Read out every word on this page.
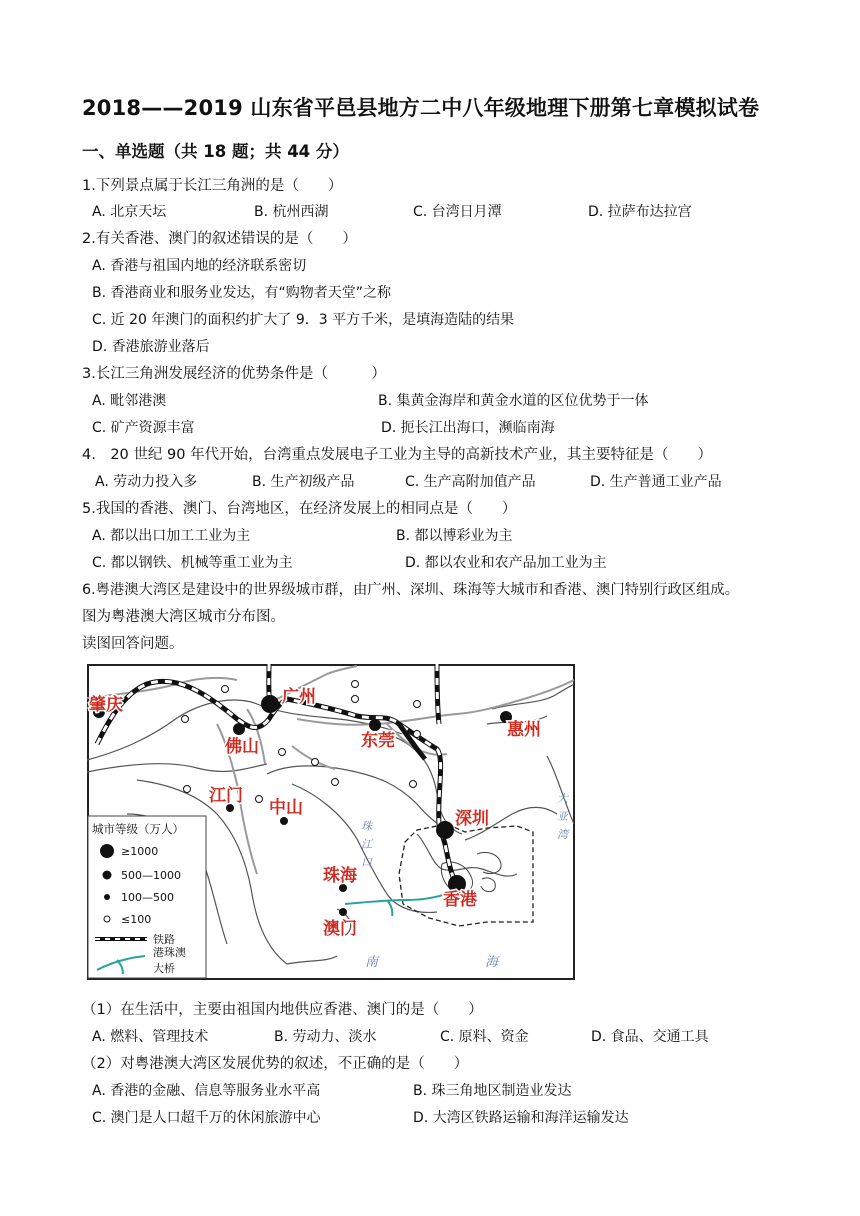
2018——2019 山东省平邑县地方二中八年级地理下册第七章模拟试卷
一、单选题（共 18 题；共 44 分）
1.下列景点属于长江三角洲的是（　　）
A. 北京天坛	B. 杭州西湖	C. 台湾日月潭	D. 拉萨布达拉宫
2.有关香港、澳门的叙述错误的是（　　）
A. 香港与祖国内地的经济联系密切
B. 香港商业和服务业发达，有“购物者天堂”之称
C. 近 20 年澳门的面积约扩大了 9．3 平方千米，是填海造陆的结果
D. 香港旅游业落后
3.长江三角洲发展经济的优势条件是（　　　）
A. 毗邻港澳	B. 集黄金海岸和黄金水道的区位优势于一体
C. 矿产资源丰富	D. 扼长江出海口，濒临南海
4.　20 世纪 90 年代开始，台湾重点发展电子工业为主导的高新技术产业，其主要特征是（　　）
A. 劳动力投入多	B. 生产初级产品	C. 生产高附加值产品	D. 生产普通工业产品
5.我国的香港、澳门、台湾地区，在经济发展上的相同点是（　　）
A. 都以出口加工工业为主	B. 都以博彩业为主
C. 都以钢铁、机械等重工业为主	D. 都以农业和农产品加工业为主
6.粤港澳大湾区是建设中的世界级城市群，由广州、深圳、珠海等大城市和香港、澳门特别行政区组成。
图为粤港澳大湾区城市分布图。
读图回答问题。
肇庆	广州
佛山	东莞
惠州
江门
中山
深圳
珠海
香港
澳门
珠
江
口
大
亚
湾
南	海
城市等级（万人）
≥1000
500—1000
100—500
≤100
铁路
港珠澳
大桥
（1）在生活中，主要由祖国内地供应香港、澳门的是（　　）
A. 燃料、管理技术	B. 劳动力、淡水	C. 原料、资金	D. 食品、交通工具
（2）对粤港澳大湾区发展优势的叙述，不正确的是（　　）
A. 香港的金融、信息等服务业水平高	B. 珠三角地区制造业发达
C. 澳门是人口超千万的休闲旅游中心	D. 大湾区铁路运输和海洋运输发达
